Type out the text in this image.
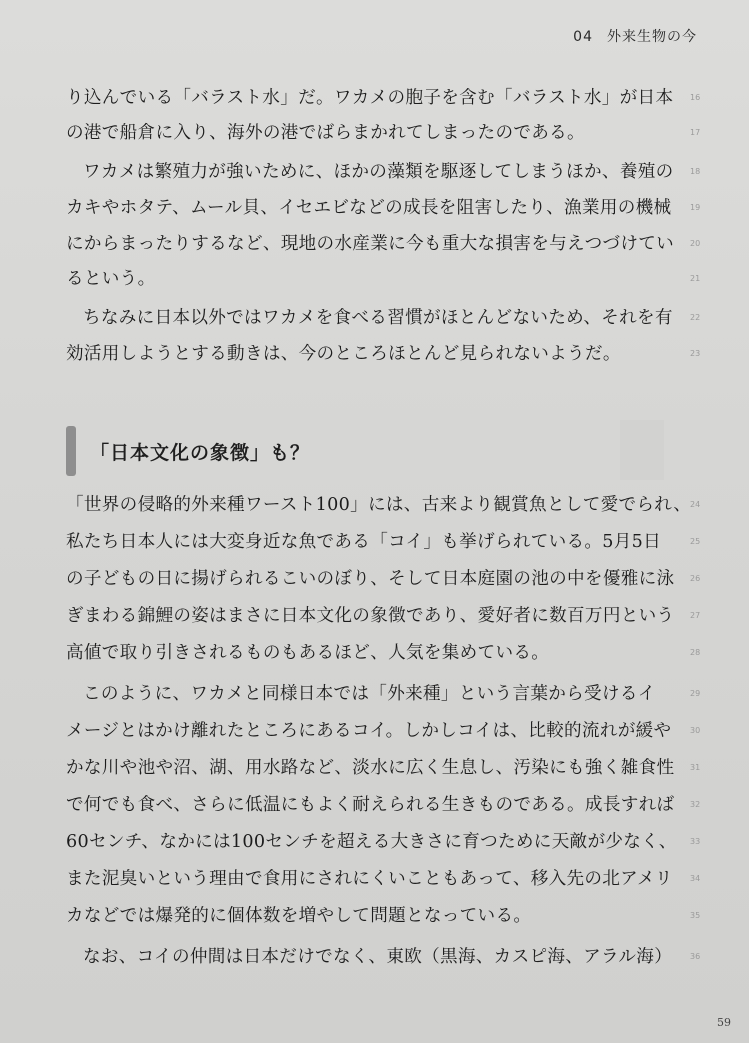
04 外来生物の今
り込んでいる「バラスト水」だ。ワカメの胞子を含む「バラスト水」が日本 16
の港で船倉に入り、海外の港でばらまかれてしまったのである。	17
ワカメは繁殖力が強いために、ほかの藻類を駆逐してしまうほか、養殖の 18
カキやホタテ、ムール貝、イセエビなどの成長を阻害したり、漁業用の機械 19
にからまったりするなど、現地の水産業に今も重大な損害を与えつづけてい 20
るという。	21
ちなみに日本以外ではワカメを食べる習慣がほとんどないため、それを有 22
効活用しようとする動きは、今のところほとんど見られないようだ。	23
「日本文化の象徴」も？
「世界の侵略的外来種ワースト100」には、古来より観賞魚として愛でられ、
24
私たち日本人には大変身近な魚である「コイ」も挙げられている。5月5日	25
の子どもの日に揚げられるこいのぼり、そして日本庭園の池の中を優雅に泳 26
ぎまわる錦鯉の姿はまさに日本文化の象徴であり、愛好者に数百万円という 27
高値で取り引きされるものもあるほど、人気を集めている。	28
このように、ワカメと同様日本では「外来種」という言葉から受けるイ	29
メージとはかけ離れたところにあるコイ。しかしコイは、比較的流れが緩や 30
かな川や池や沼、湖、用水路など、淡水に広く生息し、汚染にも強く雑食性 31
で何でも食べ、さらに低温にもよく耐えられる生きものである。成長すれば 32
60センチ、なかには100センチを超える大きさに育つために天敵が少なく、 33
また泥臭いという理由で食用にされにくいこともあって、移入先の北アメリ 34
カなどでは爆発的に個体数を増やして問題となっている。	35
なお、コイの仲間は日本だけでなく、東欧（黒海、カスピ海、アラル海） 36
59
